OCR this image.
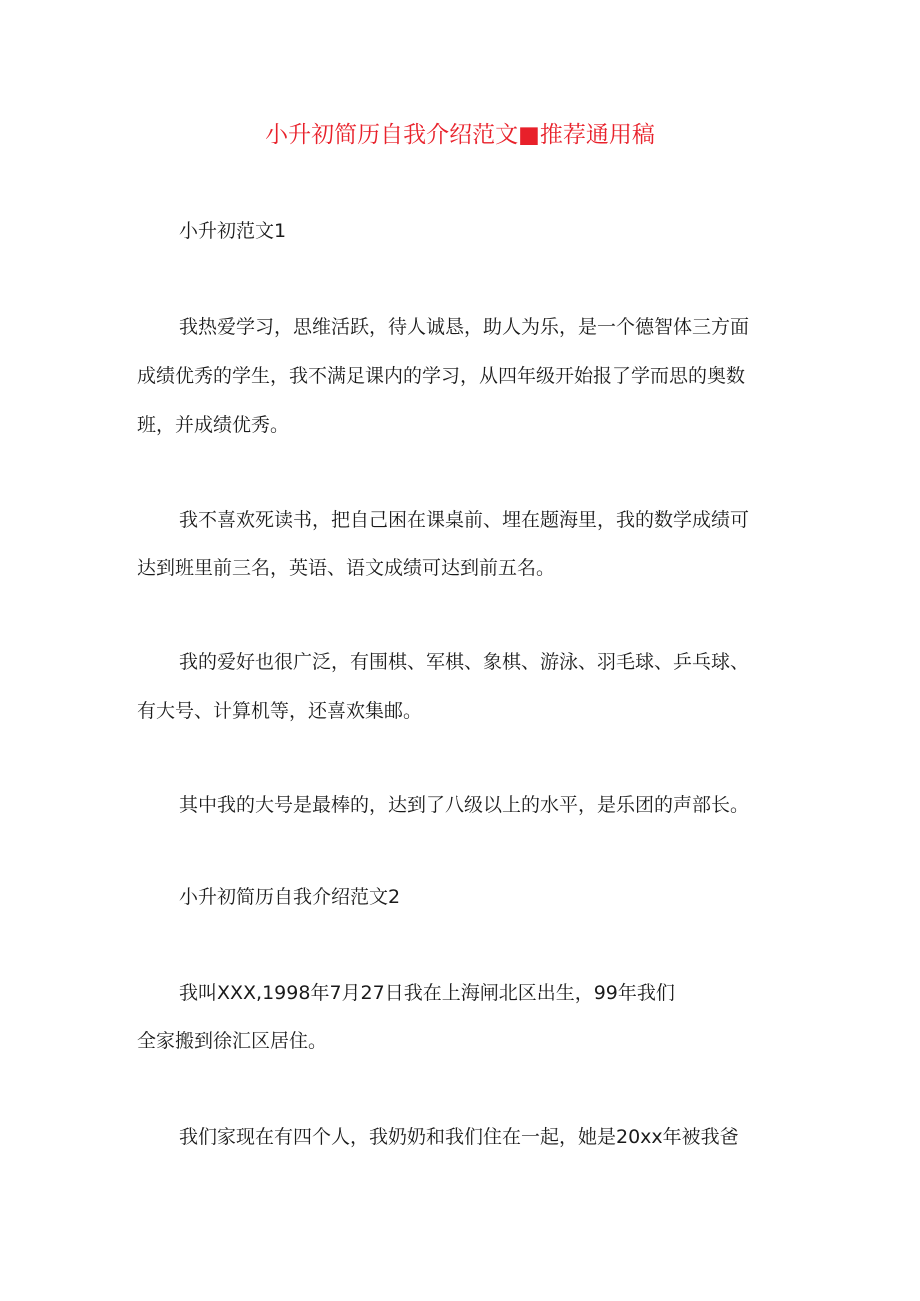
小升初简历自我介绍范文■推荐通用稿
小升初范文1
我热爱学习，思维活跃，待人诚恳，助人为乐，是一个德智体三方面
成绩优秀的学生，我不满足课内的学习，从四年级开始报了学而思的奥数
班，并成绩优秀。
我不喜欢死读书，把自己困在课桌前、埋在题海里，我的数学成绩可
达到班里前三名，英语、语文成绩可达到前五名。
我的爱好也很广泛，有围棋、军棋、象棋、游泳、羽毛球、乒乓球、
有大号、计算机等，还喜欢集邮。
其中我的大号是最棒的，达到了八级以上的水平，是乐团的声部长。
小升初简历自我介绍范文2
我叫XXX,1998年7月27日我在上海闸北区出生，99年我们
全家搬到徐汇区居住。
我们家现在有四个人，我奶奶和我们住在一起，她是20xx年被我爸
